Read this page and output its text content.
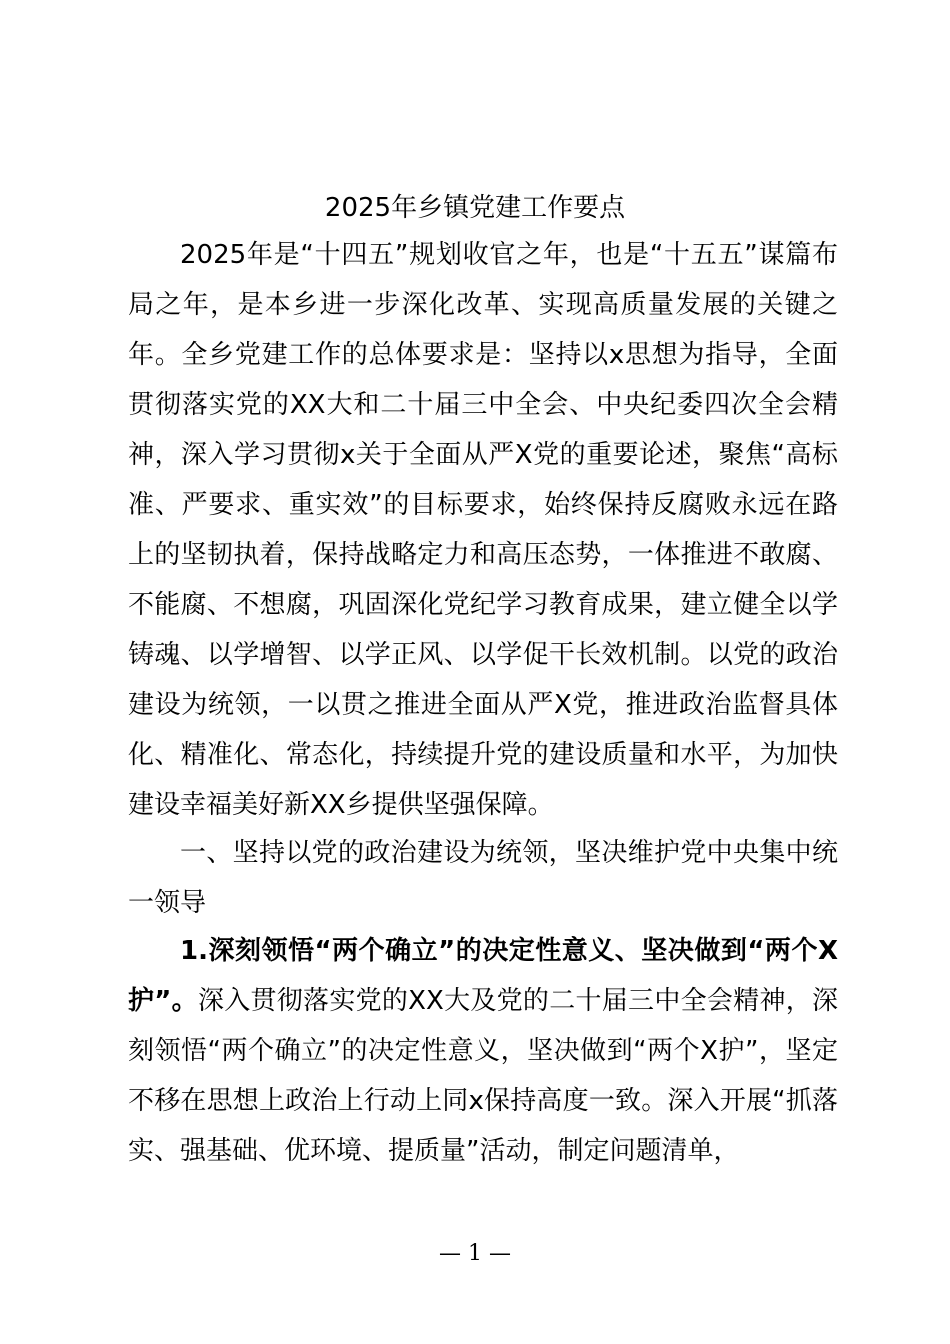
2025年乡镇党建工作要点

2025年是“十四五”规划收官之年，也是“十五五”谋篇布局之年，是本乡进一步深化改革、实现高质量发展的关键之年。全乡党建工作的总体要求是：坚持以x思想为指导，全面贯彻落实党的XX大和二十届三中全会、中央纪委四次全会精神，深入学习贯彻x关于全面从严X党的重要论述，聚焦“高标准、严要求、重实效”的目标要求，始终保持反腐败永远在路上的坚韧执着，保持战略定力和高压态势，一体推进不敢腐、不能腐、不想腐，巩固深化党纪学习教育成果，建立健全以学铸魂、以学增智、以学正风、以学促干长效机制。以党的政治建设为统领，一以贯之推进全面从严X党，推进政治监督具体化、精准化、常态化，持续提升党的建设质量和水平，为加快建设幸福美好新XX乡提供坚强保障。

一、坚持以党的政治建设为统领，坚决维护党中央集中统一领导

1.深刻领悟“两个确立”的决定性意义、坚决做到“两个X护”。深入贯彻落实党的XX大及党的二十届三中全会精神，深刻领悟“两个确立”的决定性意义，坚决做到“两个X护”，坚定不移在思想上政治上行动上同x保持高度一致。深入开展“抓落实、强基础、优环境、提质量”活动，制定问题清单，

— 1 —
